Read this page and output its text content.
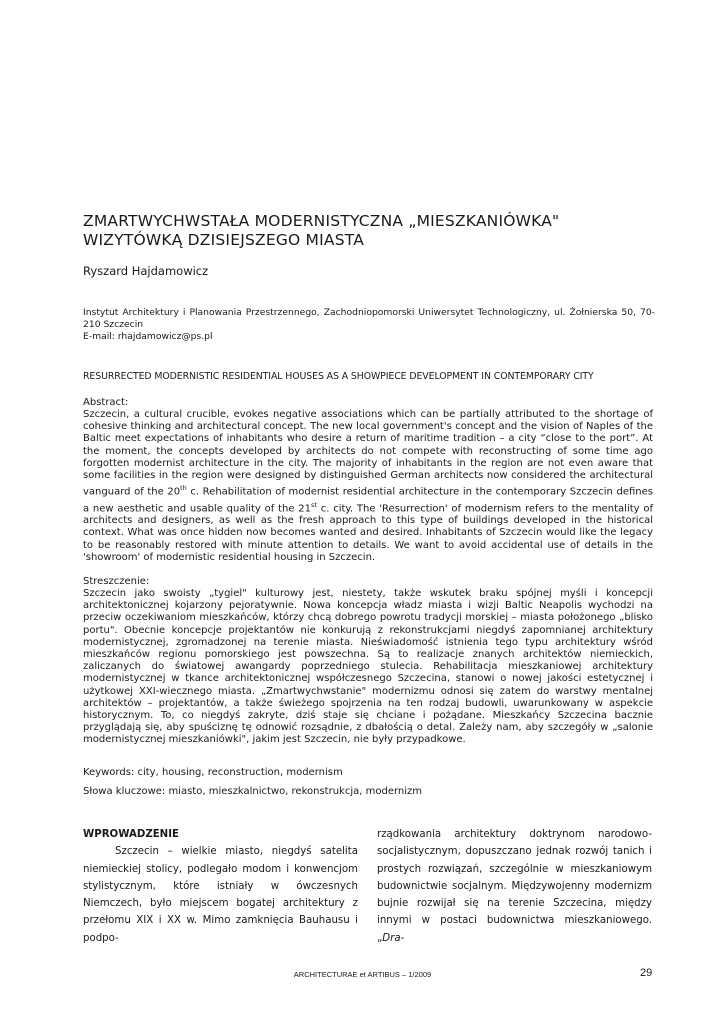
ZMARTWYCHWSTAŁA MODERNISTYCZNA „MIESZKANIÓWKA" WIZYTÓWKĄ DZISIEJSZEGO MIASTA
Ryszard Hajdamowicz

Instytut Architektury i Planowania Przestrzennego, Zachodniopomorski Uniwersytet Technologiczny, ul. Żołnierska 50, 70-210 Szczecin

E-mail: rhajdamowicz@ps.pl

RESURRECTED MODERNISTIC RESIDENTIAL HOUSES AS A SHOWPIECE DEVELOPMENT IN CONTEMPORARY CITY
Abstract:
Szczecin, a cultural crucible, evokes negative associations which can be partially attributed to the shortage of cohesive thinking and architectural concept. The new local government's concept and the vision of Naples of the Baltic meet expectations of inhabitants who desire a return of maritime tradition – a city “close to the port”. At the moment, the concepts developed by architects do not compete with reconstructing of some time ago forgotten modernist architecture in the city. The majority of inhabitants in the region are not even aware that some facilities in the region were designed by distinguished German architects now considered the architectural vanguard of the 20th c. Rehabilitation of modernist residential architecture in the contemporary Szczecin defines a new aesthetic and usable quality of the 21st c. city. The 'Resurrection' of modernism refers to the mentality of architects and designers, as well as the fresh approach to this type of buildings developed in the historical context. What was once hidden now becomes wanted and desired. Inhabitants of Szczecin would like the legacy to be reasonably restored with minute attention to details. We want to avoid accidental use of details in the 'showroom' of modernistic residential housing in Szczecin.
Streszczenie:
Szczecin jako swoisty „tygiel" kulturowy jest, niestety, także wskutek braku spójnej myśli i koncepcji architektonicznej kojarzony pejoratywnie. Nowa koncepcja władz miasta i wizji Baltic Neapolis wychodzi na przeciw oczekiwaniom mieszkańców, którzy chcą dobrego powrotu tradycji morskiej – miasta położonego „blisko portu". Obecnie koncepcje projektantów nie konkurują z rekonstrukcjami niegdyś zapomnianej architektury modernistycznej, zgromadzonej na terenie miasta. Nieświadomość istnienia tego typu architektury wśród mieszkańców regionu pomorskiego jest powszechna. Są to realizacje znanych architektów niemieckich, zaliczanych do światowej awangardy poprzedniego stulecia. Rehabilitacja mieszkaniowej architektury modernistycznej w tkance architektonicznej współczesnego Szczecina, stanowi o nowej jakości estetycznej i użytkowej XXI-wiecznego miasta. „Zmartwychwstanie" modernizmu odnosi się zatem do warstwy mentalnej architektów – projektantów, a także świeżego spojrzenia na ten rodzaj budowli, uwarunkowany w aspekcie historycznym. To, co niegdyś zakryte, dziś staje się chciane i pożądane. Mieszkańcy Szczecina bacznie przyglądają się, aby spuściznę tę odnowić rozsądnie, z dbałością o detal. Zależy nam, aby szczegóły w „salonie modernistycznej mieszkaniówki", jakim jest Szczecin, nie były przypadkowe.
Keywords: city, housing, reconstruction, modernism
Słowa kluczowe: miasto, mieszkalnictwo, rekonstrukcja, modernizm
WPROWADZENIE
Szczecin – wielkie miasto, niegdyś satelita niemieckiej stolicy, podlegało modom i konwencjom stylistycznym, które istniały w ówczesnych Niemczech, było miejscem bogatej architektury z przełomu XIX i XX w. Mimo zamknięcia Bauhausu i podpo-
rządkowania architektury doktrynom narodowo-socjalistycznym, dopuszczano jednak rozwój tanich i prostych rozwiązań, szczególnie w mieszkaniowym budownictwie socjalnym. Międzywojenny modernizm bujnie rozwijał się na terenie Szczecina, między innymi w postaci budownictwa mieszkaniowego. „Dra-
ARCHITECTURAE et ARTIBUS – 1/2009	29
